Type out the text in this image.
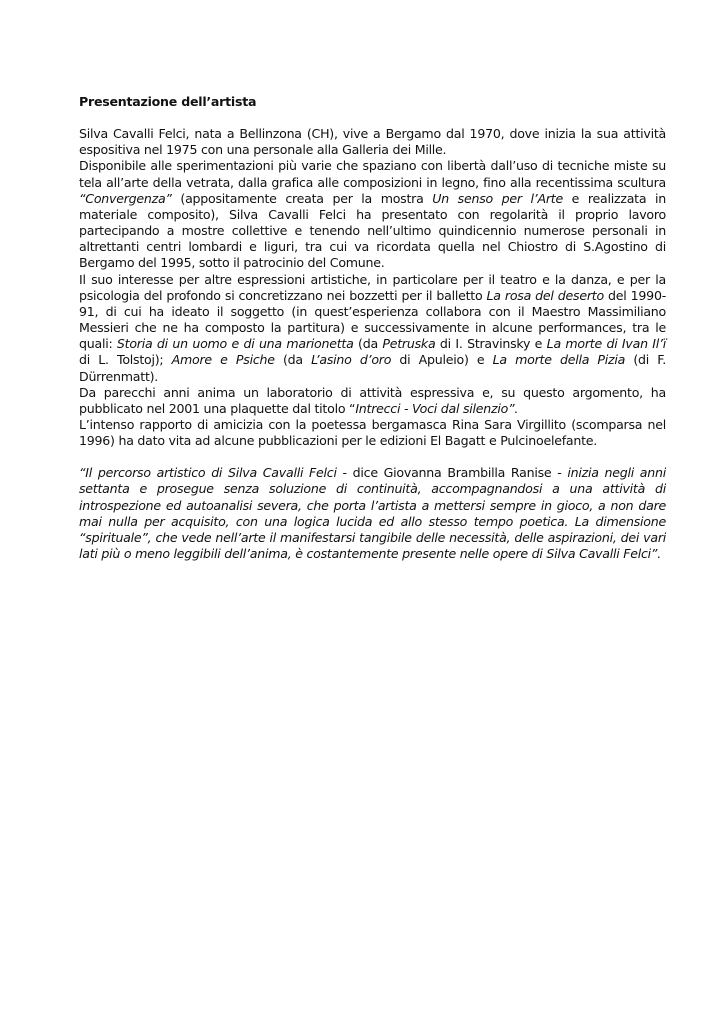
Presentazione dell’artista

Silva Cavalli Felci, nata a Bellinzona (CH), vive a Bergamo dal 1970, dove inizia la sua attività espositiva nel 1975 con una personale alla Galleria dei Mille.

Disponibile alle sperimentazioni più varie che spaziano con libertà dall’uso di tecniche miste su tela all’arte della vetrata, dalla grafica alle composizioni in legno, fino alla recentissima scultura “Convergenza” (appositamente creata per la mostra Un senso per l’Arte e realizzata in materiale composito), Silva Cavalli Felci ha presentato con regolarità il proprio lavoro partecipando a mostre collettive e tenendo nell’ultimo quindicennio numerose personali in altrettanti centri lombardi e liguri, tra cui va ricordata quella nel Chiostro di S.Agostino di Bergamo del 1995, sotto il patrocinio del Comune.

Il suo interesse per altre espressioni artistiche, in particolare per il teatro e la danza, e per la psicologia del profondo si concretizzano nei bozzetti per il balletto La rosa del deserto del 1990-91, di cui ha ideato il soggetto (in quest’esperienza collabora con il Maestro Massimiliano Messieri che ne ha composto la partitura) e successivamente in alcune performances, tra le quali: Storia di un uomo e di una marionetta (da Petruska di I. Stravinsky e La morte di Ivan Il’ï di L. Tolstoj); Amore e Psiche (da L’asino d’oro di Apuleio) e La morte della Pizia (di F. Dürrenmatt).

Da parecchi anni anima un laboratorio di attività espressiva e, su questo argomento, ha pubblicato nel 2001 una plaquette dal titolo “Intrecci - Voci dal silenzio”.

L’intenso rapporto di amicizia con la poetessa bergamasca Rina Sara Virgillito (scomparsa nel 1996) ha dato vita ad alcune pubblicazioni per le edizioni El Bagatt e Pulcinoelefante.

“Il percorso artistico di Silva Cavalli Felci - dice Giovanna Brambilla Ranise - inizia negli anni settanta e prosegue senza soluzione di continuità, accompagnandosi a una attività di introspezione ed autoanalisi severa, che porta l’artista a mettersi sempre in gioco, a non dare mai nulla per acquisito, con una logica lucida ed allo stesso tempo poetica. La dimensione “spirituale”, che vede nell’arte il manifestarsi tangibile delle necessità, delle aspirazioni, dei vari lati più o meno leggibili dell’anima, è costantemente presente nelle opere di Silva Cavalli Felci”.
